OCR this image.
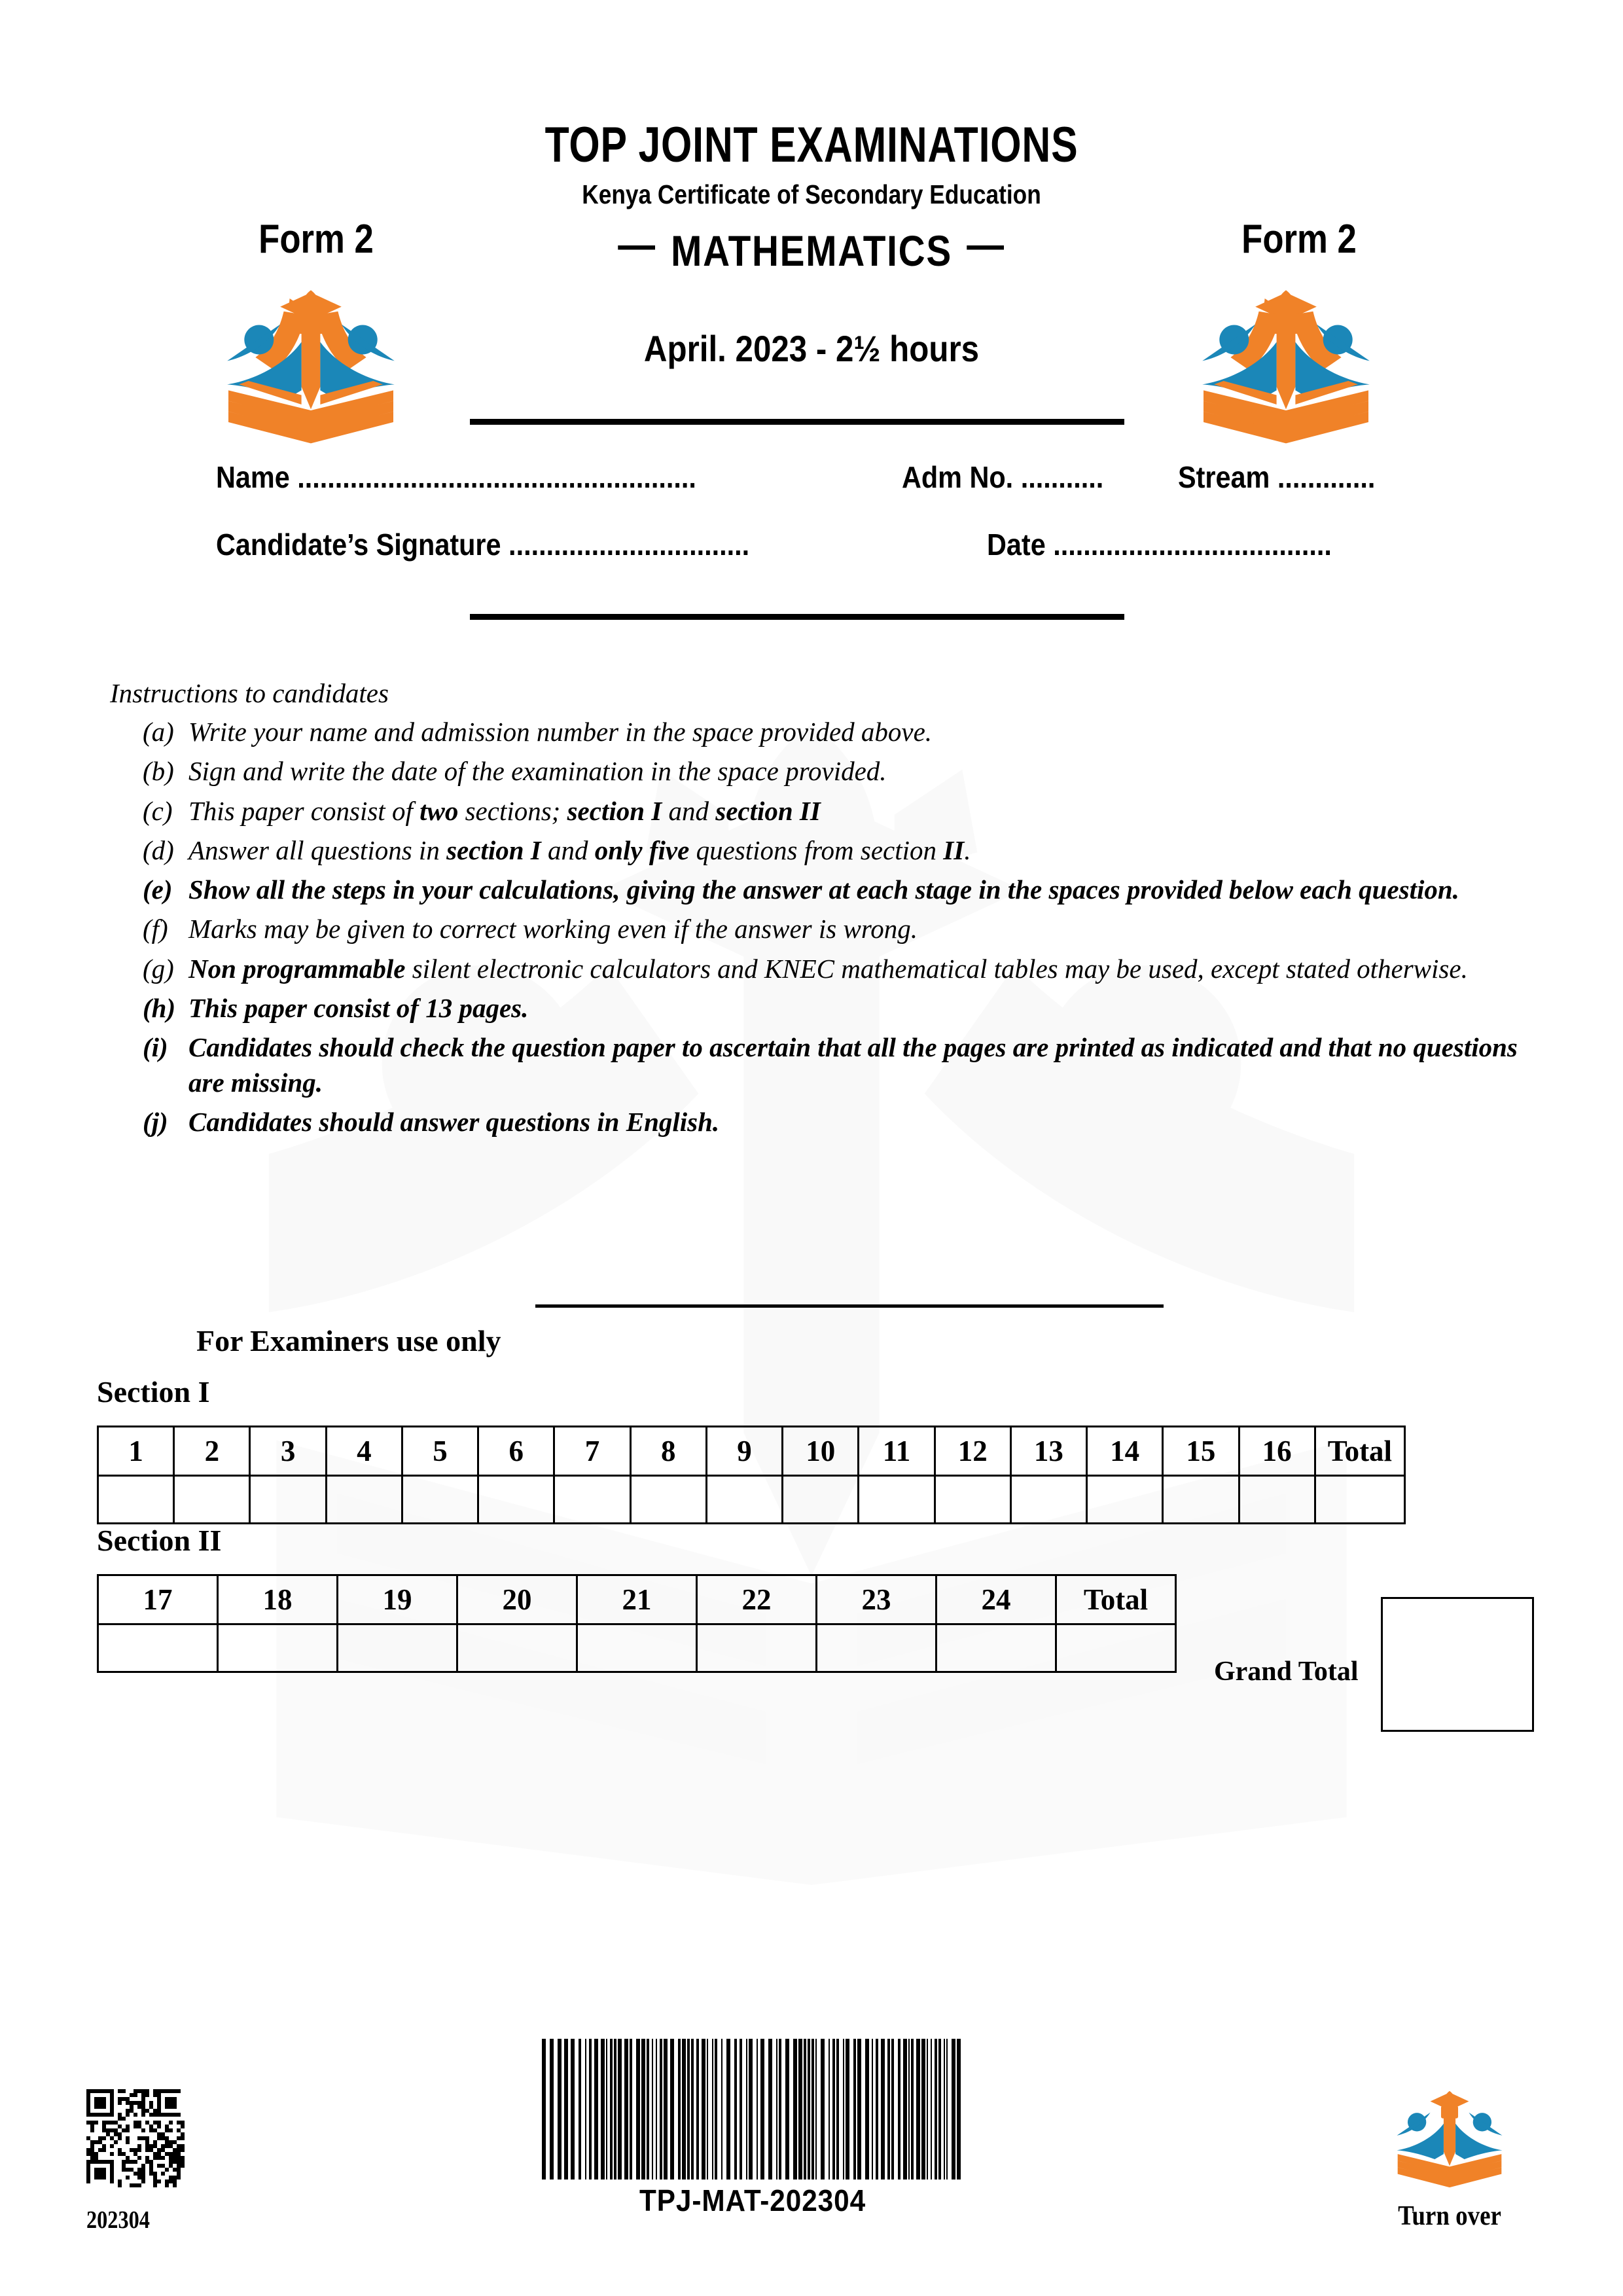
TOP JOINT EXAMINATIONS
Kenya Certificate of Secondary Education
Form 2	Form 2
— MATHEMATICS —
April. 2023 - 2½ hours
Name .....................................................	Adm No. ........... Stream .............
Candidate’s Signature ................................	Date .....................................
Instructions to candidates
(a) Write your name and admission number in the space provided above.
(b) Sign and write the date of the examination in the space provided.
(c) This paper consist of two sections; section I and section II
(d) Answer all questions in section I and only five questions from section II.
(e) Show all the steps in your calculations, giving the answer at each stage in the spaces provided below each question.
(f) Marks may be given to correct working even if the answer is wrong.
(g) Non programmable silent electronic calculators and KNEC mathematical tables may be used, except stated otherwise.
(h) This paper consist of 13 pages.
(i) Candidates should check the question paper to ascertain that all the pages are printed as indicated and that no questions are missing.
(j) Candidates should answer questions in English.
For Examiners use only
Section I
1	2	3	4	5	6	7	8	9	10	11	12	13	14	15	16	Total

Section II
17	18	19	20	21	22	23	24	Total

Grand Total
202304
TPJ-MAT-202304	Turn over
